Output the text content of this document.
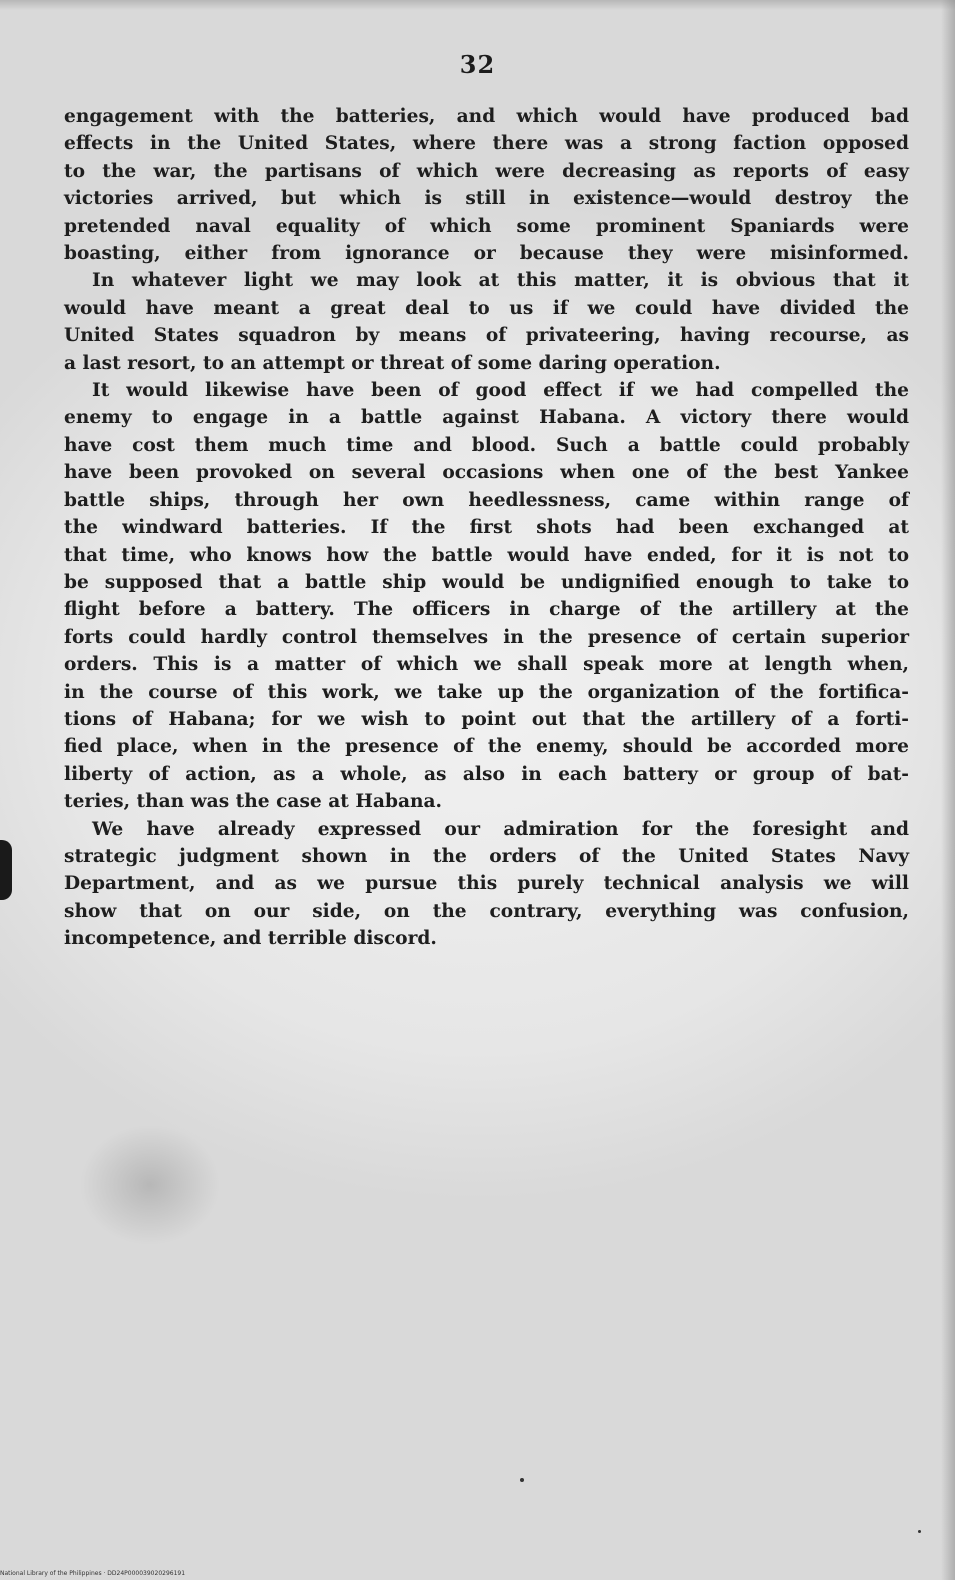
32

engagement with the batteries, and which would have produced bad
effects in the United States, where there was a strong faction opposed
to the war, the partisans of which were decreasing as reports of easy
victories arrived, but which is still in existence—would destroy the
pretended naval equality of which some prominent Spaniards were
boasting, either from ignorance or because they were misinformed.

In whatever light we may look at this matter, it is obvious that it
would have meant a great deal to us if we could have divided the
United States squadron by means of privateering, having recourse, as
a last resort, to an attempt or threat of some daring operation.

It would likewise have been of good effect if we had compelled the
enemy to engage in a battle against Habana. A victory there would
have cost them much time and blood. Such a battle could probably
have been provoked on several occasions when one of the best Yankee
battle ships, through her own heedlessness, came within range of
the windward batteries. If the first shots had been exchanged at
that time, who knows how the battle would have ended, for it is not to
be supposed that a battle ship would be undignified enough to take to
flight before a battery. The officers in charge of the artillery at the
forts could hardly control themselves in the presence of certain superior
orders. This is a matter of which we shall speak more at length when,
in the course of this work, we take up the organization of the fortifica-
tions of Habana; for we wish to point out that the artillery of a forti-
fied place, when in the presence of the enemy, should be accorded more
liberty of action, as a whole, as also in each battery or group of bat-
teries, than was the case at Habana.

We have already expressed our admiration for the foresight and
strategic judgment shown in the orders of the United States Navy
Department, and as we pursue this purely technical analysis we will
show that on our side, on the contrary, everything was confusion,
incompetence, and terrible discord.

National Library of the Philippines · DD24P000039020296191
